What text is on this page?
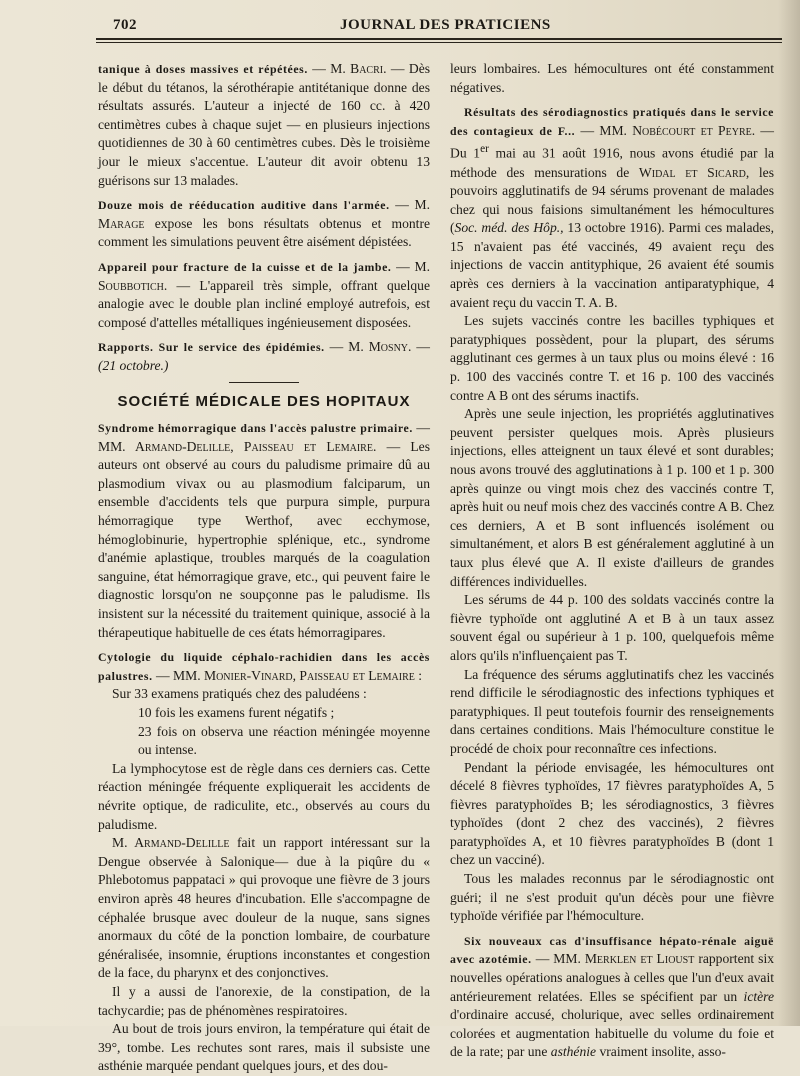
702	JOURNAL DES PRATICIENS

tanique à doses massives et répétées. — M. Bacri. — Dès le début du tétanos, la sérothérapie antitétanique donne des résultats assurés. L'auteur a injecté de 160 cc. à 420 centimètres cubes à chaque sujet — en plusieurs injections quotidiennes de 30 à 60 centimètres cubes. Dès le troisième jour le mieux s'accentue. L'auteur dit avoir obtenu 13 guérisons sur 13 malades.

Douze mois de rééducation auditive dans l'armée. — M. Marage expose les bons résultats obtenus et montre comment les simulations peuvent être aisément dépistées.

Appareil pour fracture de la cuisse et de la jambe. — M. Soubbotich. — L'appareil très simple, offrant quelque analogie avec le double plan incliné employé autrefois, est composé d'attelles métalliques ingénieusement disposées.

Rapports. Sur le service des épidémies. — M. Mosny. — (21 octobre.)

SOCIÉTÉ MÉDICALE DES HOPITAUX

Syndrome hémorragique dans l'accès palustre primaire. — MM. Armand-Delille, Paisseau et Lemaire. — Les auteurs ont observé au cours du paludisme primaire dû au plasmodium vivax ou au plasmodium falciparum, un ensemble d'accidents tels que purpura simple, purpura hémorragique type Werthof, avec ecchymose, hémoglobinurie, hypertrophie splénique, etc., syndrome d'anémie aplastique, troubles marqués de la coagulation sanguine, état hémorragique grave, etc., qui peuvent faire le diagnostic lorsqu'on ne soupçonne pas le paludisme. Ils insistent sur la nécessité du traitement quinique, associé à la thérapeutique habituelle de ces états hémorragipares.

Cytologie du liquide céphalo-rachidien dans les accès palustres. — MM. Monier-Vinard, Paisseau et Lemaire :

Sur 33 examens pratiqués chez des paludéens :

10 fois les examens furent négatifs ;

23 fois on observa une réaction méningée moyenne ou intense.

La lymphocytose est de règle dans ces derniers cas. Cette réaction méningée fréquente expliquerait les accidents de névrite optique, de radiculite, etc., observés au cours du paludisme.

M. Armand-Delille fait un rapport intéressant sur la Dengue observée à Salonique— due à la piqûre du « Phlebotomus pappataci » qui provoque une fièvre de 3 jours environ après 48 heures d'incubation. Elle s'accompagne de céphalée brusque avec douleur de la nuque, sans signes anormaux du côté de la ponction lombaire, de courbature généralisée, insomnie, éruptions inconstantes et congestion de la face, du pharynx et des conjonctives.

Il y a aussi de l'anorexie, de la constipation, de la tachycardie; pas de phénomènes respiratoires.

Au bout de trois jours environ, la température qui était de 39°, tombe. Les rechutes sont rares, mais il subsiste une asthénie marquée pendant quelques jours, et des dou-

leurs lombaires. Les hémocultures ont été constamment négatives.

Résultats des sérodiagnostics pratiqués dans le service des contagieux de F... — MM. Nobécourt et Peyre. — Du 1er mai au 31 août 1916, nous avons étudié par la méthode des mensurations de Widal et Sicard, les pouvoirs agglutinatifs de 94 sérums provenant de malades chez qui nous faisions simultanément les hémocultures (Soc. méd. des Hôp., 13 octobre 1916). Parmi ces malades, 15 n'avaient pas été vaccinés, 49 avaient reçu des injections de vaccin antityphique, 26 avaient été soumis après ces derniers à la vaccination antiparatyphique, 4 avaient reçu du vaccin T. A. B.

Les sujets vaccinés contre les bacilles typhiques et paratyphiques possèdent, pour la plupart, des sérums agglutinant ces germes à un taux plus ou moins élevé : 16 p. 100 des vaccinés contre T. et 16 p. 100 des vaccinés contre A B ont des sérums inactifs.

Après une seule injection, les propriétés agglutinatives peuvent persister quelques mois. Après plusieurs injections, elles atteignent un taux élevé et sont durables; nous avons trouvé des agglutinations à 1 p. 100 et 1 p. 300 après quinze ou vingt mois chez des vaccinés contre T, après huit ou neuf mois chez des vaccinés contre A B. Chez ces derniers, A et B sont influencés isolément ou simultanément, et alors B est généralement agglutiné à un taux plus élevé que A. Il existe d'ailleurs de grandes différences individuelles.

Les sérums de 44 p. 100 des soldats vaccinés contre la fièvre typhoïde ont agglutiné A et B à un taux assez souvent égal ou supérieur à 1 p. 100, quelquefois même alors qu'ils n'influençaient pas T.

La fréquence des sérums agglutinatifs chez les vaccinés rend difficile le sérodiagnostic des infections typhiques et paratyphiques. Il peut toutefois fournir des renseignements dans certaines conditions. Mais l'hémoculture constitue le procédé de choix pour reconnaître ces infections.

Pendant la période envisagée, les hémocultures ont décelé 8 fièvres typhoïdes, 17 fièvres paratyphoïdes A, 5 fièvres paratyphoïdes B; les sérodiagnostics, 3 fièvres typhoïdes (dont 2 chez des vaccinés), 2 fièvres paratyphoïdes A, et 10 fièvres paratyphoïdes B (dont 1 chez un vacciné).

Tous les malades reconnus par le sérodiagnostic ont guéri; il ne s'est produit qu'un décès pour une fièvre typhoïde vérifiée par l'hémoculture.

Six nouveaux cas d'insuffisance hépato-rénale aiguë avec azotémie. — MM. Merklen et Lioust rapportent six nouvelles opérations analogues à celles que l'un d'eux avait antérieurement relatées. Elles se spécifient par un ictère d'ordinaire accusé, cholurique, avec selles ordinairement colorées et augmentation habituelle du volume du foie et de la rate; par une asthénie vraiment insolite, asso-
